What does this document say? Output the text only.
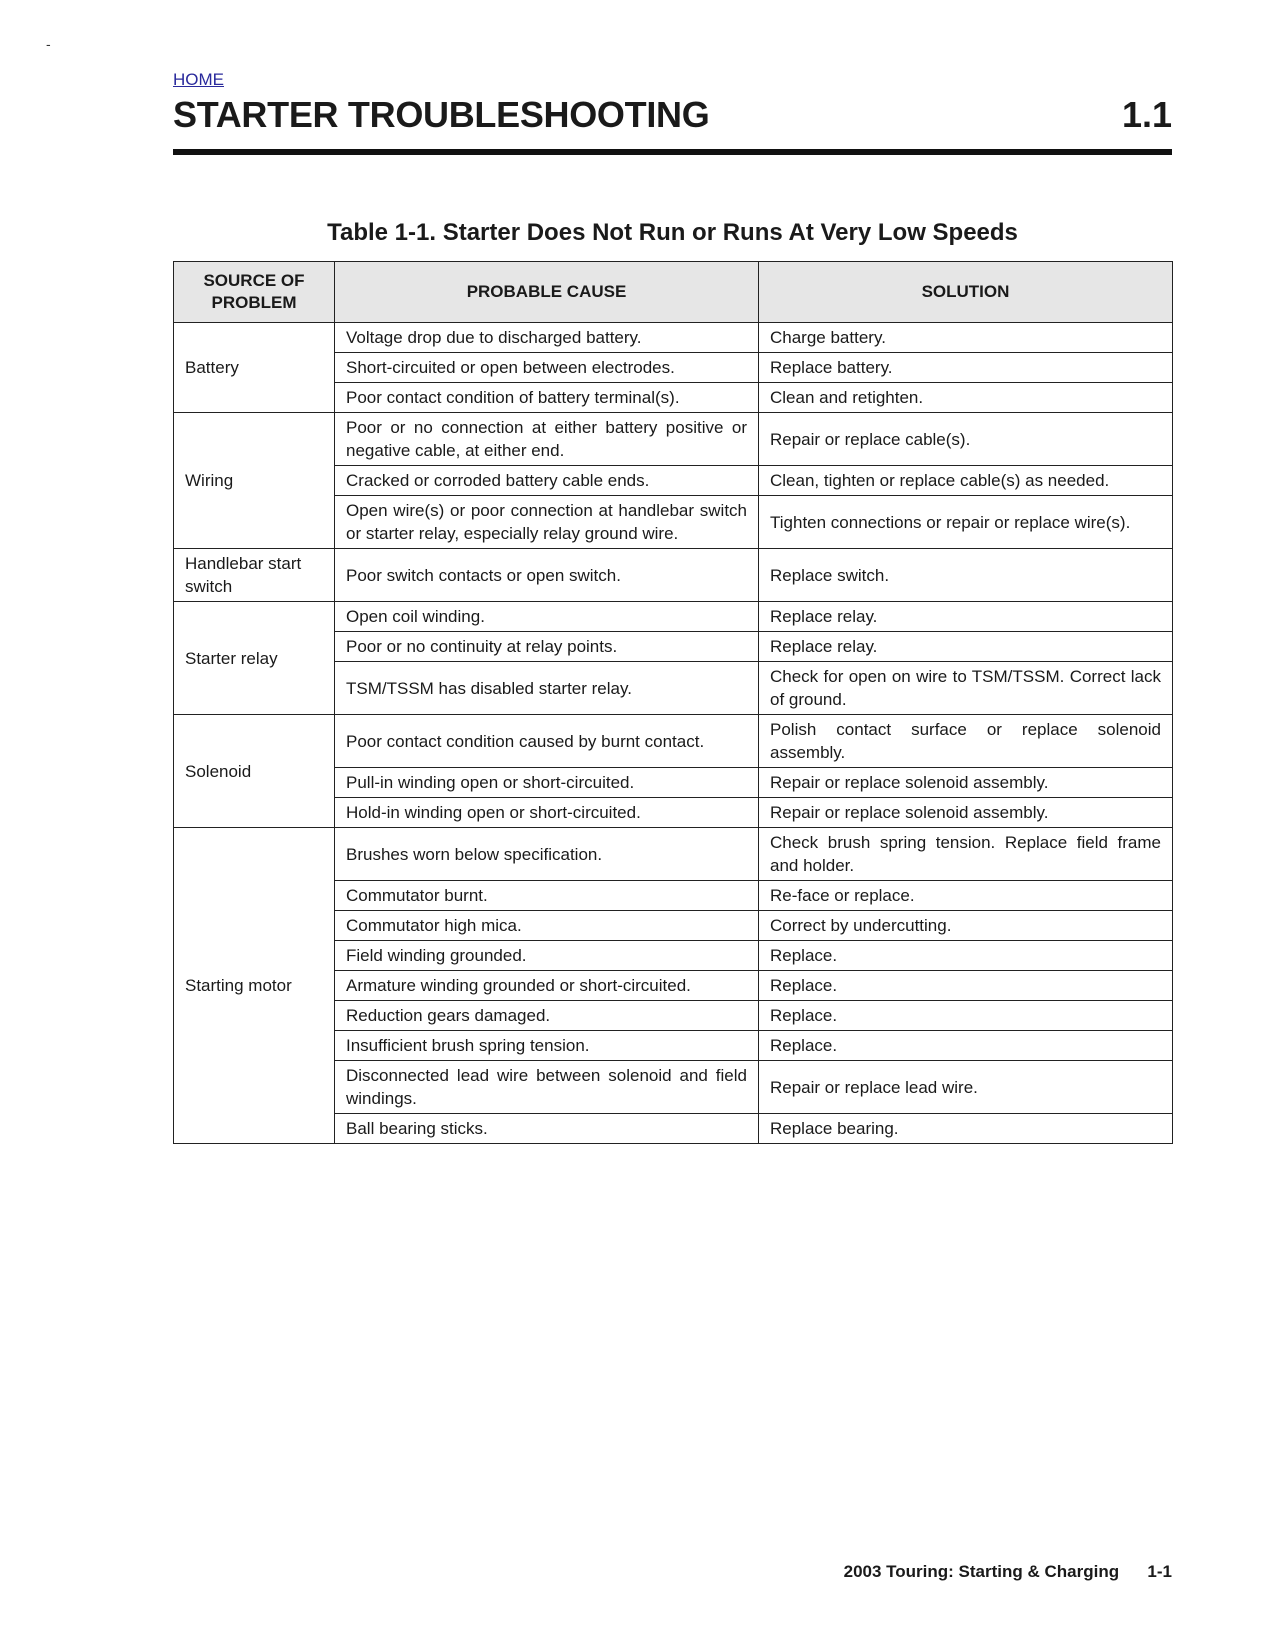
-
HOME
STARTER TROUBLESHOOTING	1.1
Table 1-1. Starter Does Not Run or Runs At Very Low Speeds
SOURCE OF PROBLEM	PROBABLE CAUSE	SOLUTION
Battery	Voltage drop due to discharged battery.	Charge battery.
	Short-circuited or open between electrodes.	Replace battery.
	Poor contact condition of battery terminal(s).	Clean and retighten.
Wiring	Poor or no connection at either battery positive or negative cable, at either end.	Repair or replace cable(s).
	Cracked or corroded battery cable ends.	Clean, tighten or replace cable(s) as needed.
	Open wire(s) or poor connection at handlebar switch or starter relay, especially relay ground wire.	Tighten connections or repair or replace wire(s).
Handlebar start switch	Poor switch contacts or open switch.	Replace switch.
Starter relay	Open coil winding.	Replace relay.
	Poor or no continuity at relay points.	Replace relay.
	TSM/TSSM has disabled starter relay.	Check for open on wire to TSM/TSSM. Correct lack of ground.
Solenoid	Poor contact condition caused by burnt contact.	Polish contact surface or replace solenoid assembly.
	Pull-in winding open or short-circuited.	Repair or replace solenoid assembly.
	Hold-in winding open or short-circuited.	Repair or replace solenoid assembly.
Starting motor	Brushes worn below specification.	Check brush spring tension. Replace field frame and holder.
	Commutator burnt.	Re-face or replace.
	Commutator high mica.	Correct by undercutting.
	Field winding grounded.	Replace.
	Armature winding grounded or short-circuited.	Replace.
	Reduction gears damaged.	Replace.
	Insufficient brush spring tension.	Replace.
	Disconnected lead wire between solenoid and field windings.	Repair or replace lead wire.
	Ball bearing sticks.	Replace bearing.
2003 Touring: Starting & Charging      1-1
